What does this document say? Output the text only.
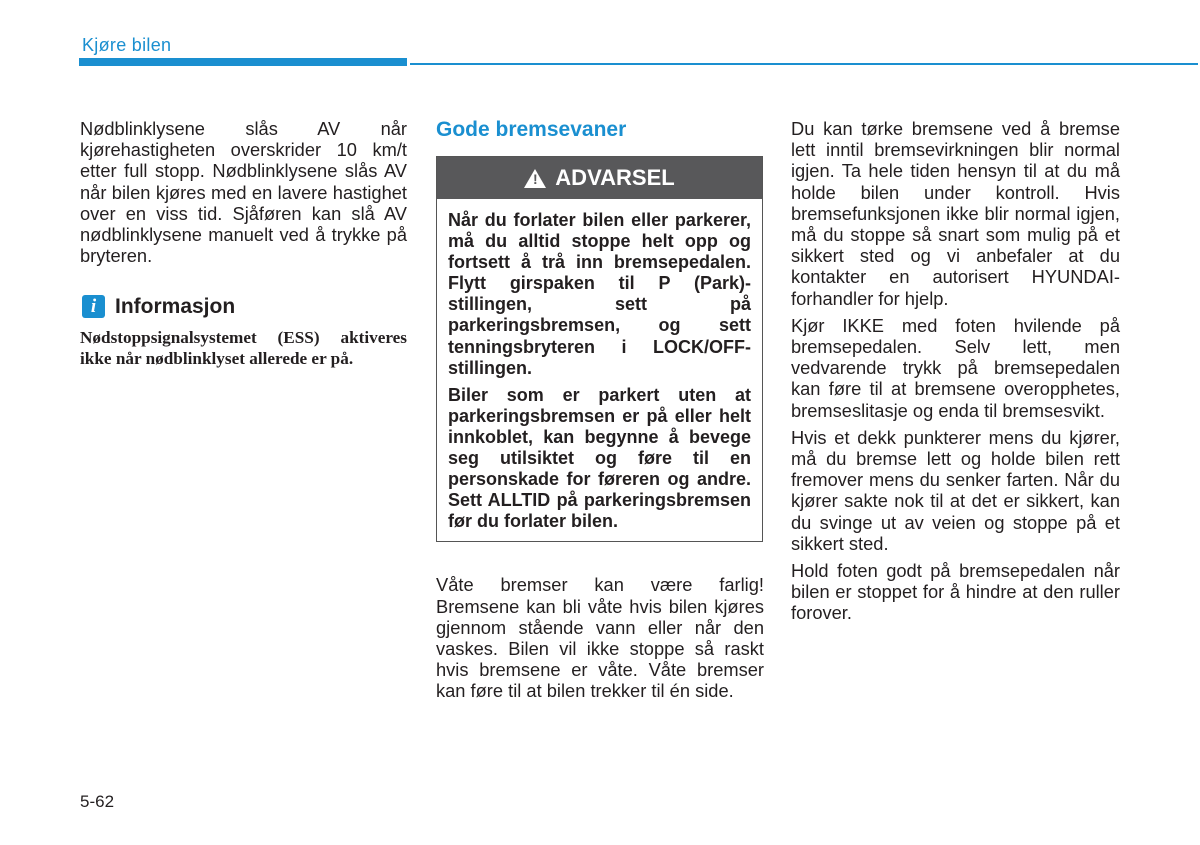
Kjøre bilen

Nødblinklysene slås AV når kjørehastigheten overskrider 10 km/t etter full stopp. Nødblinklysene slås AV når bilen kjøres med en lavere hastighet over en viss tid. Sjåføren kan slå AV nødblinklysene manuelt ved å trykke på bryteren.

i Informasjon

Nødstoppsignalsystemet (ESS) aktiveres ikke når nødblinklyset allerede er på.

Gode bremsevaner
! ADVARSEL

Når du forlater bilen eller parkerer, må du alltid stoppe helt opp og fortsett å trå inn bremsepedalen. Flytt girspaken til P (Park)-stillingen, sett på parkeringsbremsen, og sett tenningsbryteren i LOCK/OFF-stillingen.

Biler som er parkert uten at parkeringsbremsen er på eller helt innkoblet, kan begynne å bevege seg utilsiktet og føre til en personskade for føreren og andre. Sett ALLTID på parkeringsbremsen før du forlater bilen.

Våte bremser kan være farlig! Bremsene kan bli våte hvis bilen kjøres gjennom stående vann eller når den vaskes. Bilen vil ikke stoppe så raskt hvis bremsene er våte. Våte bremser kan føre til at bilen trekker til én side.

Du kan tørke bremsene ved å bremse lett inntil bremsevirkningen blir normal igjen. Ta hele tiden hensyn til at du må holde bilen under kontroll. Hvis bremsefunksjonen ikke blir normal igjen, må du stoppe så snart som mulig på et sikkert sted og vi anbefaler at du kontakter en autorisert HYUNDAI-forhandler for hjelp.

Kjør IKKE med foten hvilende på bremsepedalen. Selv lett, men vedvarende trykk på bremsepedalen kan føre til at bremsene overopphetes, bremseslitasje og enda til bremsesvikt.

Hvis et dekk punkterer mens du kjører, må du bremse lett og holde bilen rett fremover mens du senker farten. Når du kjører sakte nok til at det er sikkert, kan du svinge ut av veien og stoppe på et sikkert sted.

Hold foten godt på bremsepedalen når bilen er stoppet for å hindre at den ruller forover.

5-62
